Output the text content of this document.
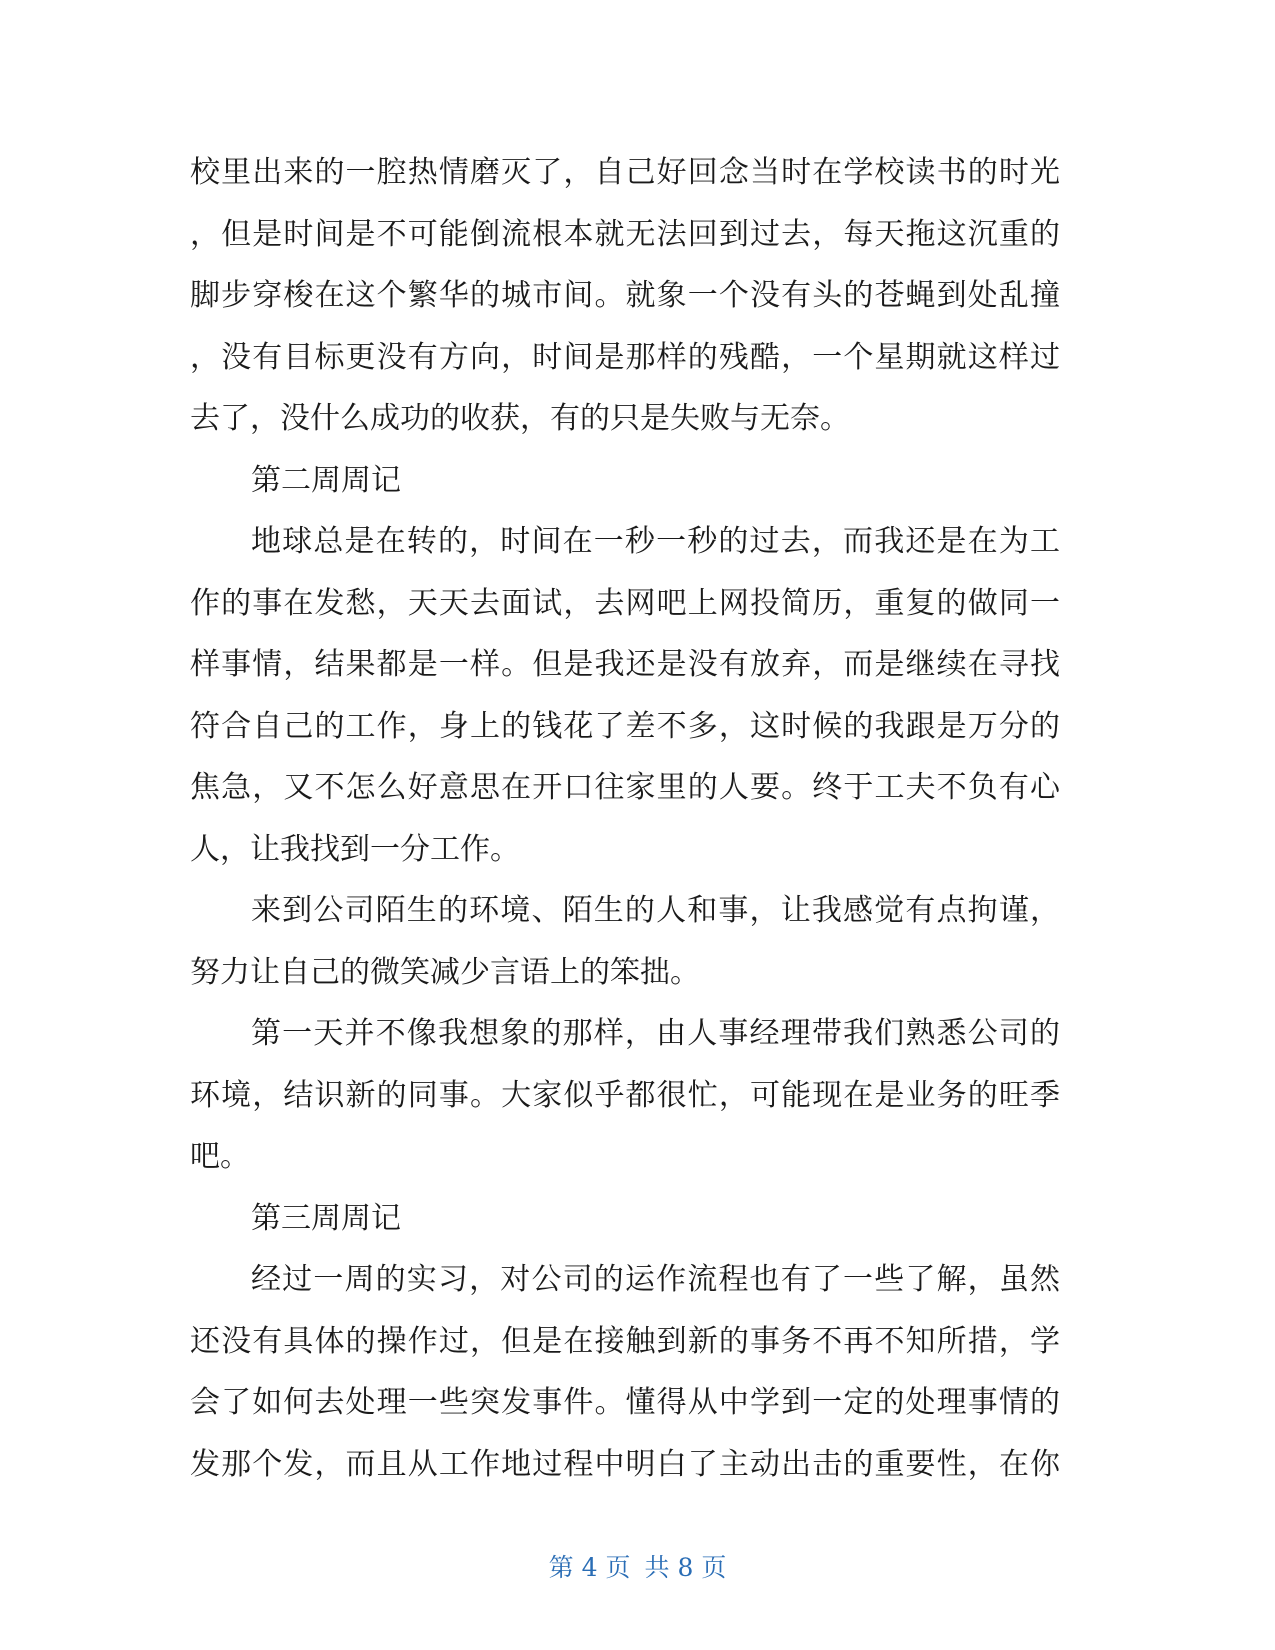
校里出来的一腔热情磨灭了，自己好回念当时在学校读书的时光
，但是时间是不可能倒流根本就无法回到过去，每天拖这沉重的
脚步穿梭在这个繁华的城市间。就象一个没有头的苍蝇到处乱撞
，没有目标更没有方向，时间是那样的残酷，一个星期就这样过
去了，没什么成功的收获，有的只是失败与无奈。
第二周周记
地球总是在转的，时间在一秒一秒的过去，而我还是在为工
作的事在发愁，天天去面试，去网吧上网投简历，重复的做同一
样事情，结果都是一样。但是我还是没有放弃，而是继续在寻找
符合自己的工作，身上的钱花了差不多，这时候的我跟是万分的
焦急，又不怎么好意思在开口往家里的人要。终于工夫不负有心
人，让我找到一分工作。
来到公司陌生的环境、陌生的人和事，让我感觉有点拘谨，
努力让自己的微笑减少言语上的笨拙。
第一天并不像我想象的那样，由人事经理带我们熟悉公司的
环境，结识新的同事。大家似乎都很忙，可能现在是业务的旺季
吧。
第三周周记
经过一周的实习，对公司的运作流程也有了一些了解，虽然
还没有具体的操作过，但是在接触到新的事务不再不知所措，学
会了如何去处理一些突发事件。懂得从中学到一定的处理事情的
发那个发，而且从工作地过程中明白了主动出击的重要性，在你
第 4 页 共 8 页
